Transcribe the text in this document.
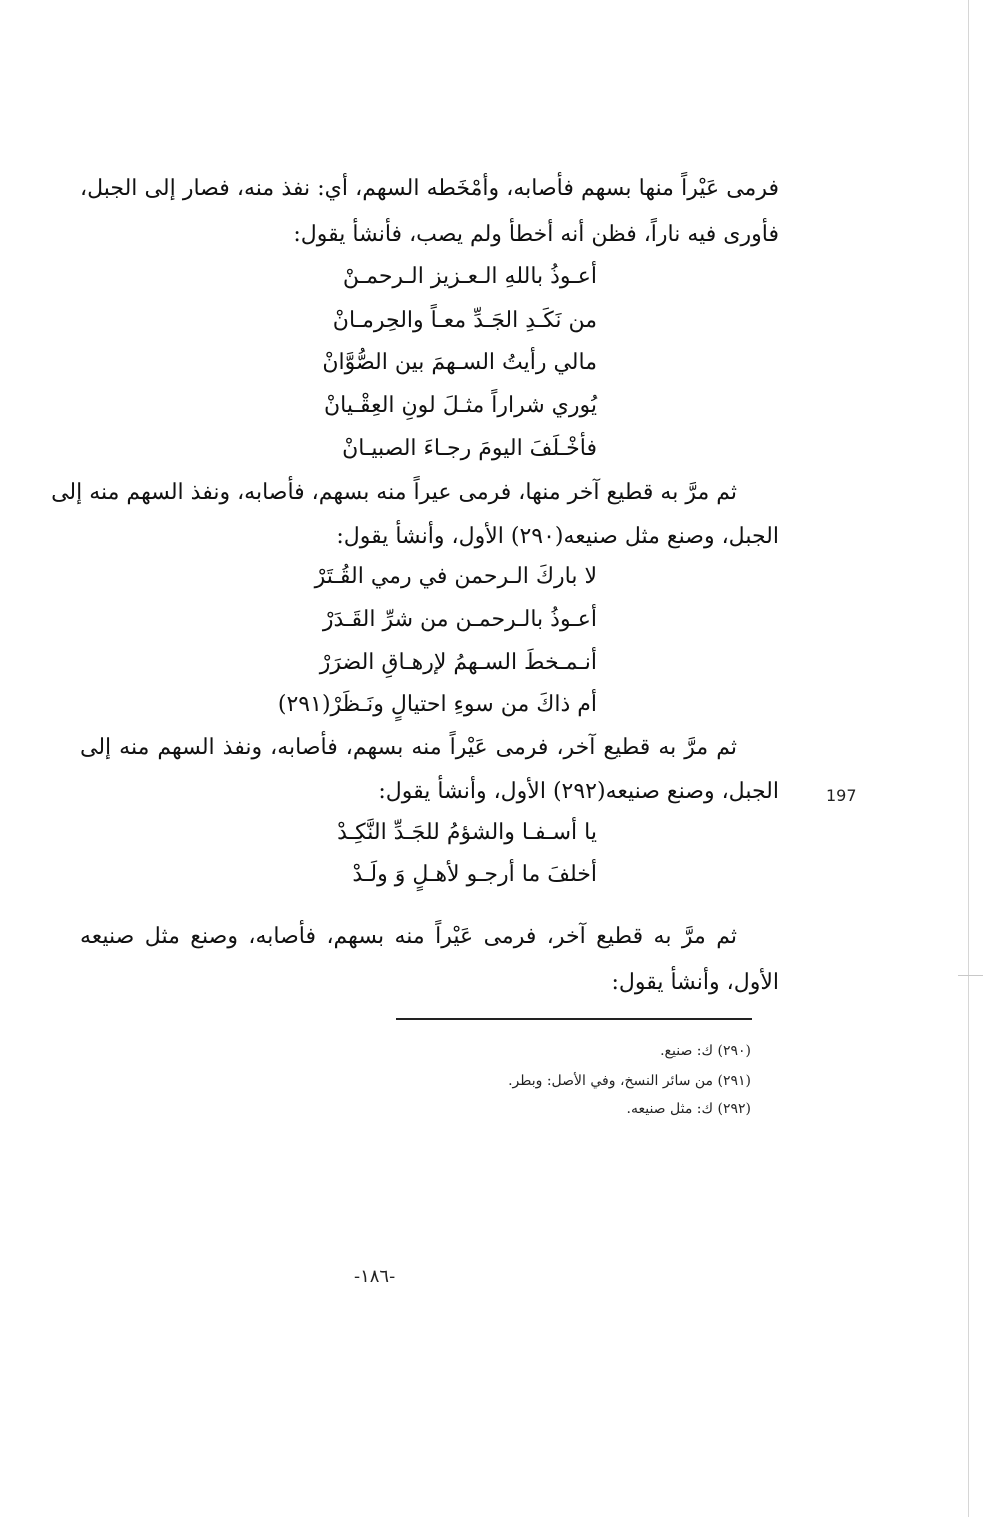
فرمى عَيْراً منها بسهم فأصابه، وأمْخَطه السهم، أي: نفذ منه، فصار إلى الجبل،
فأورى فيه ناراً، فظن أنه أخطأ ولم يصب، فأنشأ يقول:
أعـوذُ باللهِ الـعـزيز الـرحمـنْ
من نَكَـدِ الجَـدِّ معـاً والحِرمـانْ
مالي رأيتُ السـهمَ بين الصُّوَّانْ
يُوري شراراً مثـلَ لونِ العِقْـيانْ
فأخْـلَفَ اليومَ رجـاءَ الصبيـانْ
ثم مرَّ به قطيع آخر منها، فرمى عيراً منه بسهم، فأصابه، ونفذ السهم منه إلى
الجبل، وصنع مثل صنيعه(٢٩٠) الأول، وأنشأ يقول:
لا باركَ الـرحمن في رمي القُـتَرْ
أعـوذُ بالـرحمـن من شرِّ القَـدَرْ
أنـمـخطَ السـهمُ لإرهـاقِ الضرَرْ
أم ذاكَ من سوءِ احتيالٍ ونَـظَرْ(٢٩١)
ثم مرَّ به قطيع آخر، فرمى عَيْراً منه بسهم، فأصابه، ونفذ السهم منه إلى
الجبل، وصنع صنيعه(٢٩٢) الأول، وأنشأ يقول:	197
يا أسـفـا والشؤمُ للجَـدِّ النَّكِـدْ
أخلفَ ما أرجـو لأهـلٍ وَ ولَـدْ
ثم مرَّ به قطيع آخر، فرمى عَيْراً منه بسهم، فأصابه، وصنع مثل صنيعه
الأول، وأنشأ يقول:
(٢٩٠) ك: صنيع.
(٢٩١) من سائر النسخ، وفي الأصل: وبطر.
(٢٩٢) ك: مثل صنيعه.
-١٨٦-
